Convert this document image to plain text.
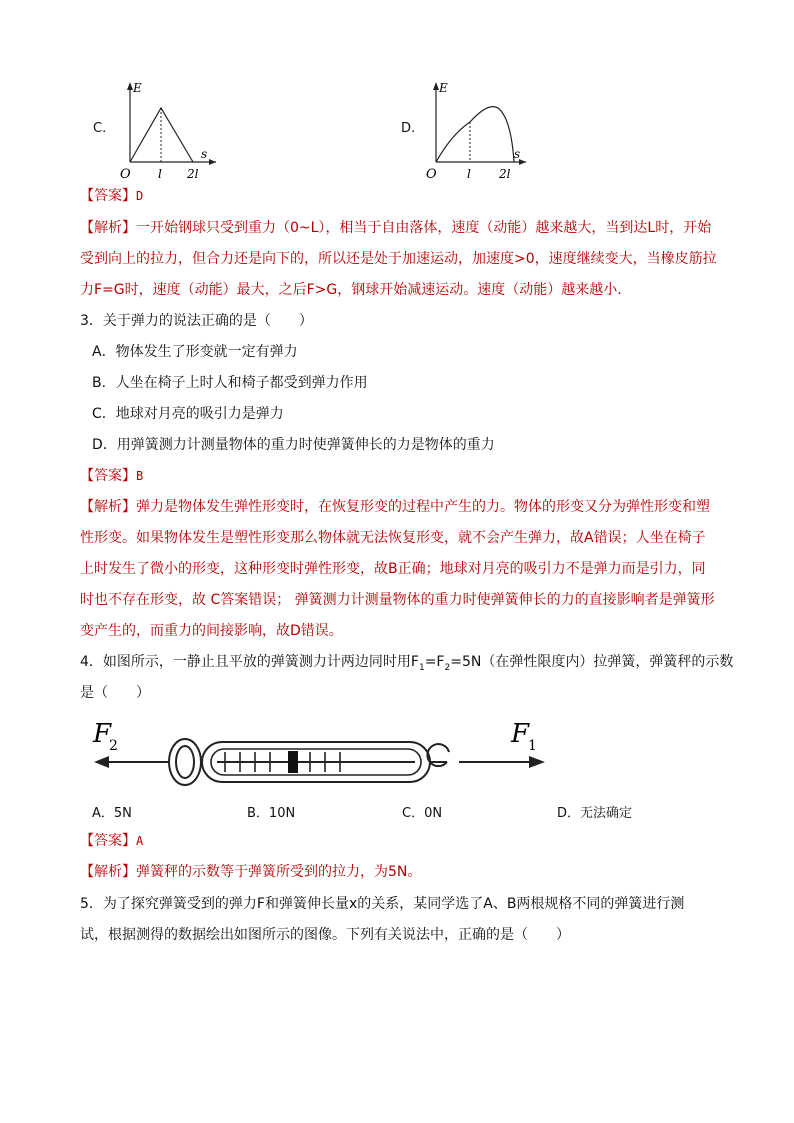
C.
E
s
O l 2l
D.
E
s
O	l 2l
【答案】D
【解析】一开始钢球只受到重力（0~L），相当于自由落体，速度（动能）越来越大，当到达L时，开始
受到向上的拉力，但合力还是向下的，所以还是处于加速运动，加速度>0，速度继续变大，当橡皮筋拉
力F=G时，速度（动能）最大，之后F>G，钢球开始减速运动。速度（动能）越来越小.
3．关于弹力的说法正确的是（　　）
A．物体发生了形变就一定有弹力
B．人坐在椅子上时人和椅子都受到弹力作用
C．地球对月亮的吸引力是弹力
D．用弹簧测力计测量物体的重力时使弹簧伸长的力是物体的重力
【答案】B
【解析】弹力是物体发生弹性形变时，在恢复形变的过程中产生的力。物体的形变又分为弹性形变和塑
性形变。如果物体发生是塑性形变那么物体就无法恢复形变，就不会产生弹力，故A错误；人坐在椅子
上时发生了微小的形变，这种形变时弹性形变，故B正确；地球对月亮的吸引力不是弹力而是引力，同
时也不存在形变，故 C答案错误； 弹簧测力计测量物体的重力时使弹簧伸长的力的直接影响者是弹簧形
变产生的，而重力的间接影响，故D错误。
4．如图所示，一静止且平放的弹簧测力计两边同时用$F_1=F_2=5N$（在弹性限度内）拉弹簧，弹簧秤的示数
是（　　）
F
2	F
1
A．5N	B．10N	C．0N	D．无法确定
【答案】A
【解析】弹簧秤的示数等于弹簧所受到的拉力，为5N。
5．为了探究弹簧受到的弹力F和弹簧伸长量x的关系，某同学选了A、B两根规格不同的弹簧进行测
试，根据测得的数据绘出如图所示的图像。下列有关说法中，正确的是（　　）
